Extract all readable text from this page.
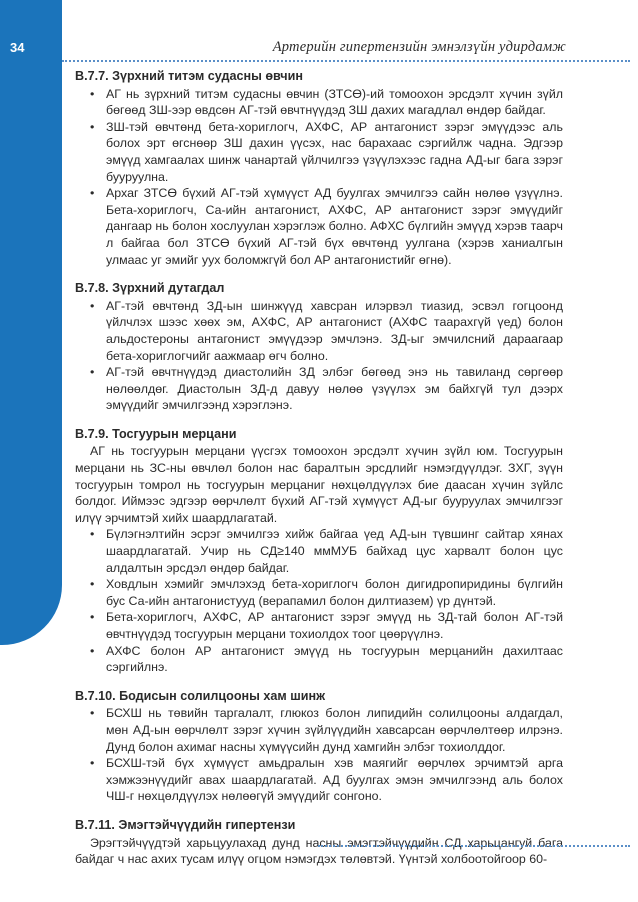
34	Артерийн гипертензийн эмнэлзүйн удирдамж
В.7.7. Зүрхний титэм судасны өвчин
• АГ нь зүрхний титэм судасны өвчин (ЗТСӨ)-ий томоохон эрсдэлт хүчин зүйл бөгөөд ЗШ-ээр өвдсөн АГ-тэй өвчтнүүдэд ЗШ дахих магадлал өндөр байдаг.
• ЗШ-тэй өвчтөнд бета-хориглогч, АХФС, АР антагонист зэрэг эмүүдээс аль болох эрт өгснөөр ЗШ дахин үүсэх, нас барахаас сэргийлж чадна. Эдгээр эмүүд хамгаалах шинж чанартай үйлчилгээ үзүүлэхээс гадна АД-ыг бага зэрэг бууруулна.
• Архаг ЗТСӨ бүхий АГ-тэй хүмүүст АД буулгах эмчилгээ сайн нөлөө үзүүлнэ. Бета-хориглогч, Са-ийн антагонист, АХФС, АР антагонист зэрэг эмүүдийг дангаар нь болон хослуулан хэрэглэж болно. АФХС бүлгийн эмүүд хэрэв таарч л байгаа бол ЗТСӨ бүхий АГ-тэй бүх өвчтөнд уулгана (хэрэв ханиалгын улмаас уг эмийг уух боломжгүй бол АР антагонистийг өгнө).
В.7.8. Зүрхний дутагдал
• АГ-тэй өвчтөнд ЗД-ын шинжүүд хавсран илэрвэл тиазид, эсвэл гогцоонд үйлчлэх шээс хөөх эм, АХФС, АР антагонист (АХФС таарахгүй үед) болон альдостероны антагонист эмүүдээр эмчлэнэ. ЗД-ыг эмчилсний дараагаар бета-хориглогчийг аажмаар өгч болно.
• АГ-тэй өвчтнүүдэд диастолийн ЗД элбэг бөгөөд энэ нь тавиланд сөргөөр нөлөөлдөг. Диастолын ЗД-д давуу нөлөө үзүүлэх эм байхгүй тул дээрх эмүүдийг эмчилгээнд хэрэглэнэ.
В.7.9. Тосгуурын мерцани

АГ нь тосгуурын мерцани үүсгэх томоохон эрсдэлт хүчин зүйл юм. Тосгуурын мерцани нь ЗС-ны өвчлөл болон нас баралтын эрсдлийг нэмэгдүүлдэг. ЗХГ, зүүн тосгуурын томрол нь тосгуурын мерцаниг нөхцөлдүүлэх бие даасан хүчин зүйлс болдог. Иймээс эдгээр өөрчлөлт бүхий АГ-тэй хүмүүст АД-ыг бууруулах эмчилгээг илүү эрчимтэй хийх шаардлагатай.

• Бүлэгнэлтийн эсрэг эмчилгээ хийж байгаа үед АД-ын түвшинг сайтар хянах шаардлагатай. Учир нь СД≥140 ммМУБ байхад цус харвалт болон цус алдалтын эрсдэл өндөр байдаг.
• Ховдлын хэмийг эмчлэхэд бета-хориглогч болон дигидропиридины бүлгийн бус Са-ийн антагонистууд (верапамил болон дилтиазем) үр дүнтэй.
• Бета-хориглогч, АХФС, АР антагонист зэрэг эмүүд нь ЗД-тай болон АГ-тэй өвчтнүүдэд тосгуурын мерцани тохиолдох тоог цөөрүүлнэ.
• АХФС болон АР антагонист эмүүд нь тосгуурын мерцанийн дахилтаас сэргийлнэ.
В.7.10. Бодисын солилцооны хам шинж
• БСХШ нь төвийн таргалалт, глюкоз болон липидийн солилцооны алдагдал, мөн АД-ын өөрчлөлт зэрэг хүчин зүйлүүдийн хавсарсан өөрчлөлтөөр илрэнэ. Дунд болон ахимаг насны хүмүүсийн дунд хамгийн элбэг тохиолддог.
• БСХШ-тэй бүх хүмүүст амьдралын хэв маягийг өөрчлөх эрчимтэй арга хэмжээнүүдийг авах шаардлагатай. АД буулгах эмэн эмчилгээнд аль болох ЧШ-г нөхцөлдүүлэх нөлөөгүй эмүүдийг сонгоно.
В.7.11. Эмэгтэйчүүдийн гипертензи

Эрэгтэйчүүдтэй харьцуулахад дунд насны эмэгтэйчүүдийн СД харьцангуй бага байдаг ч нас ахих тусам илүү огцом нэмэгдэх төлөвтэй. Үүнтэй холбоотойгоор 60-
